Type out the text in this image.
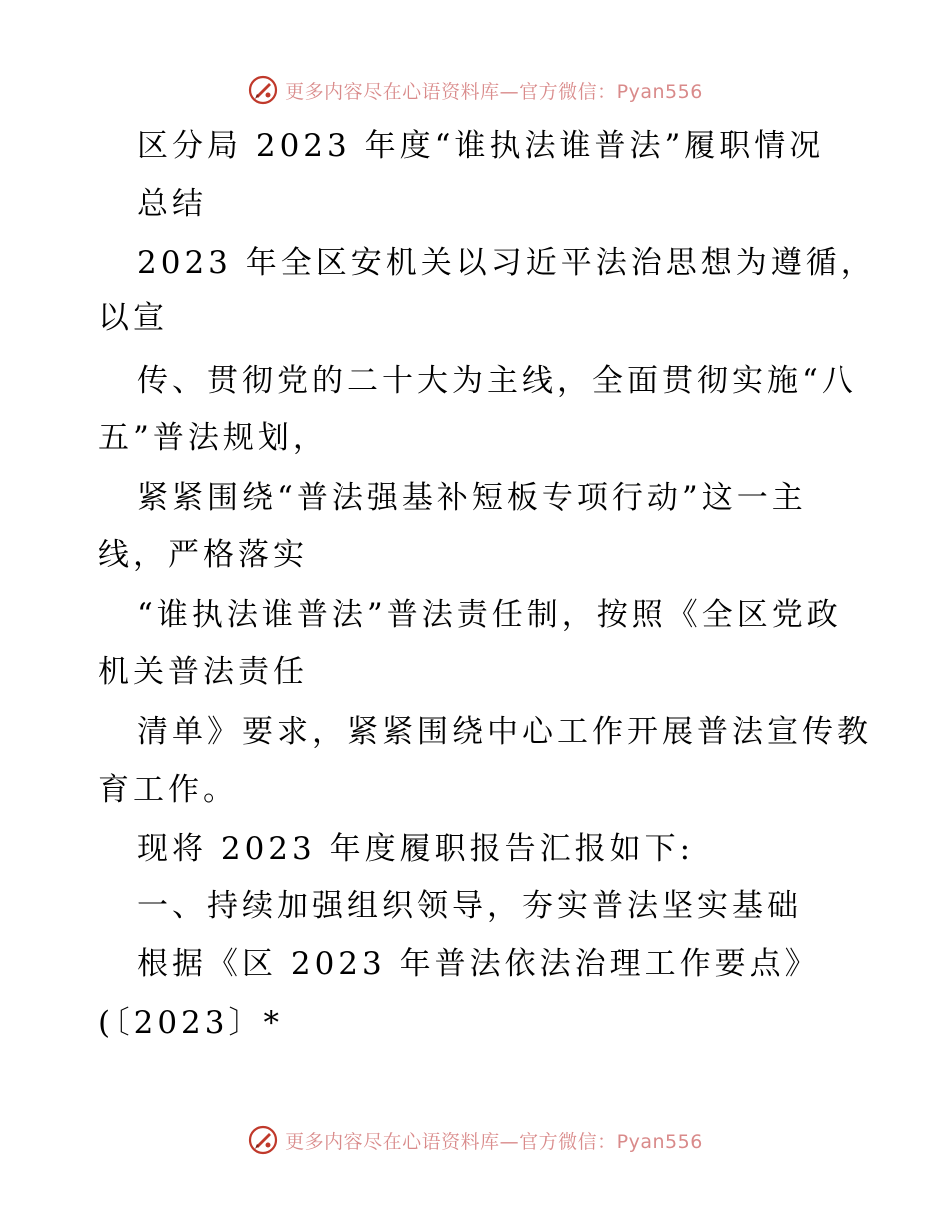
更多内容尽在心语资料库—官方微信：Pyan556
区分局 2023 年度“谁执法谁普法”履职情况
总结
2023 年全区安机关以习近平法治思想为遵循，
以宣
传、贯彻党的二十大为主线，全面贯彻实施“八
五”普法规划，
紧紧围绕“普法强基补短板专项行动”这一主
线，严格落实
“谁执法谁普法”普法责任制，按照《全区党政
机关普法责任
清单》要求，紧紧围绕中心工作开展普法宣传教
育工作。
现将 2023 年度履职报告汇报如下:
一、持续加强组织领导，夯实普法坚实基础
根据《区 2023 年普法依法治理工作要点》
(〔2023〕*
更多内容尽在心语资料库—官方微信：Pyan556
